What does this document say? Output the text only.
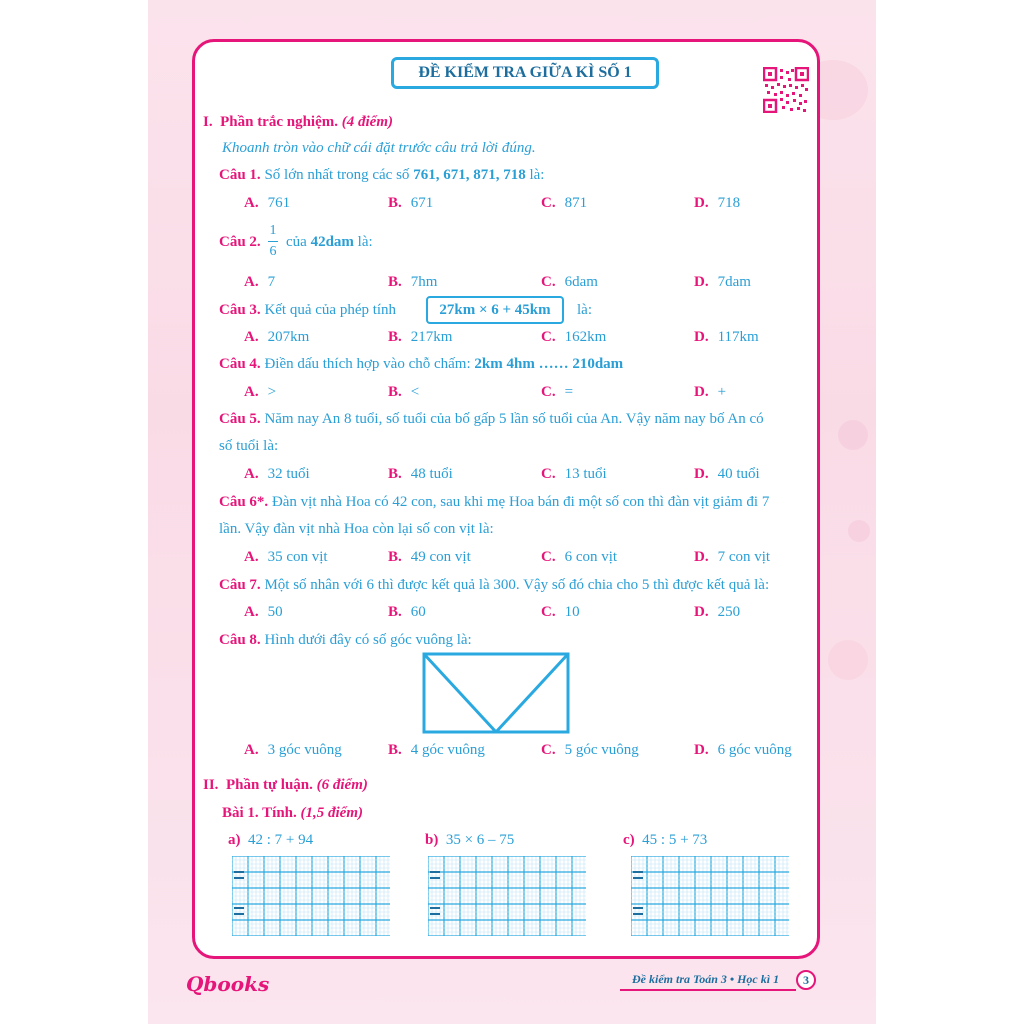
ĐỀ KIỂM TRA GIỮA KÌ SỐ 1
I. Phần trắc nghiệm. (4 điểm)
Khoanh tròn vào chữ cái đặt trước câu trả lời đúng.
Câu 1. Số lớn nhất trong các số 761, 671, 871, 718 là:
Câu 2.
1
6
của 42dam là:
Câu 3. Kết quả của phép tính	27km × 6 + 45km	là:
Câu 4. Điền dấu thích hợp vào chỗ chấm: 2km 4hm …… 210dam
Câu 5. Năm nay An 8 tuổi, số tuổi của bố gấp 5 lần số tuổi của An. Vậy năm nay bố An có
số tuổi là:
Câu 6*. Đàn vịt nhà Hoa có 42 con, sau khi mẹ Hoa bán đi một số con thì đàn vịt giảm đi 7
lần. Vậy đàn vịt nhà Hoa còn lại số con vịt là:
Câu 7. Một số nhân với 6 thì được kết quả là 300. Vậy số đó chia cho 5 thì được kết quả là:
Câu 8. Hình dưới đây có số góc vuông là:
II. Phần tự luận. (6 điểm)
Bài 1. Tính. (1,5 điểm)
a) 42 : 7 + 94	b) 35 × 6 – 75	c) 45 : 5 + 73
Qbooks	Đề kiểm tra Toán 3 • Học kì 1	3
A. 761	B. 671	C. 871	D. 718
A. 7	B. 7hm	C. 6dam	D. 7dam
A. 207km	B. 217km	C. 162km	D. 117km
A. >	B. <	C. =	D. +
A. 32 tuổi	B. 48 tuổi	C. 13 tuổi	D. 40 tuổi
A. 35 con vịt	B. 49 con vịt	C. 6 con vịt	D. 7 con vịt
A. 50	B. 60	C. 10	D. 250
A. 3 góc vuông	B. 4 góc vuông	C. 5 góc vuông	D. 6 góc vuông
